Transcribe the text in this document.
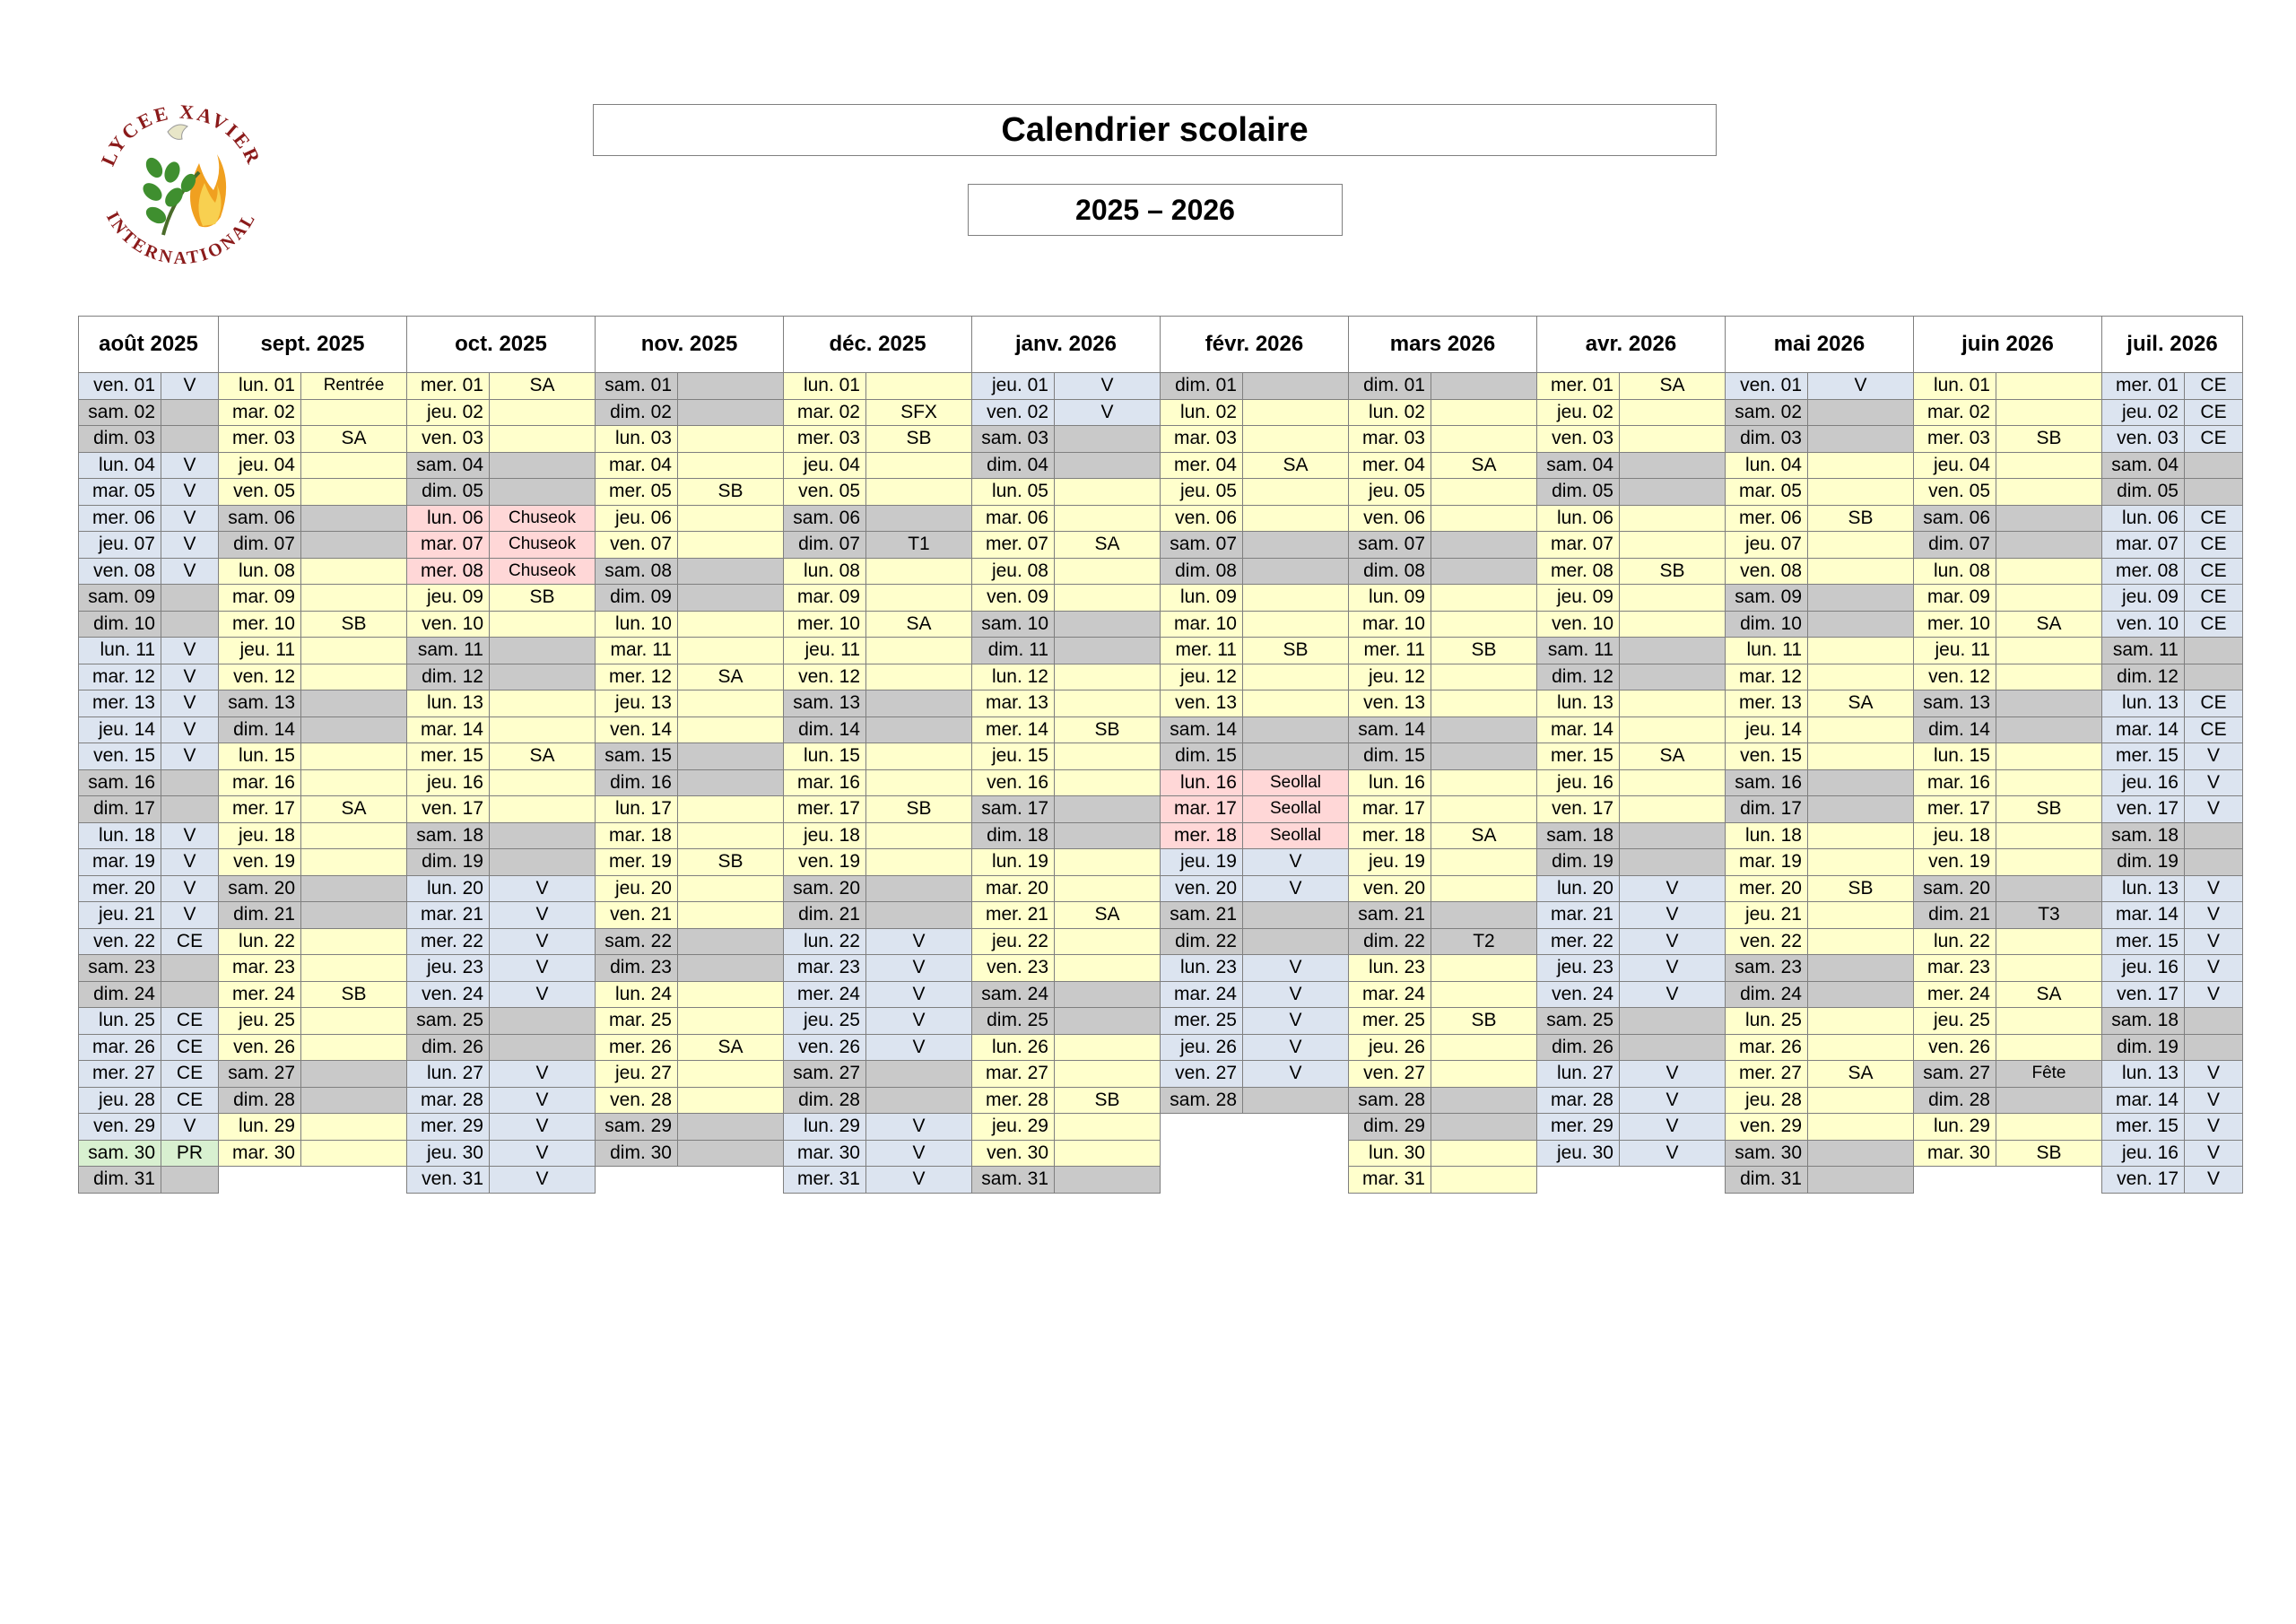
LYCEE XAVIER
INTERNATIONAL
Calendrier scolaire
2025 – 2026
août 2025
ven. 01	V
sam. 02
dim. 03
lun. 04	V
mar. 05	V
mer. 06	V
jeu. 07	V
ven. 08	V
sam. 09
dim. 10
lun. 11	V
mar. 12	V
mer. 13	V
jeu. 14	V
ven. 15	V
sam. 16
dim. 17
lun. 18	V
mar. 19	V
mer. 20	V
jeu. 21	V
ven. 22	CE
sam. 23
dim. 24
lun. 25	CE
mar. 26	CE
mer. 27	CE
jeu. 28	CE
ven. 29	V
sam. 30	PR
dim. 31
sept. 2025
lun. 01	Rentrée
mar. 02
mer. 03	SA
jeu. 04
ven. 05
sam. 06
dim. 07
lun. 08
mar. 09
mer. 10	SB
jeu. 11
ven. 12
sam. 13
dim. 14
lun. 15
mar. 16
mer. 17	SA
jeu. 18
ven. 19
sam. 20
dim. 21
lun. 22
mar. 23
mer. 24	SB
jeu. 25
ven. 26
sam. 27
dim. 28
lun. 29
mar. 30
oct. 2025
mer. 01	SA
jeu. 02
ven. 03
sam. 04
dim. 05
lun. 06	Chuseok
mar. 07	Chuseok
mer. 08	Chuseok
jeu. 09	SB
ven. 10
sam. 11
dim. 12
lun. 13
mar. 14
mer. 15	SA
jeu. 16
ven. 17
sam. 18
dim. 19
lun. 20	V
mar. 21	V
mer. 22	V
jeu. 23	V
ven. 24	V
sam. 25
dim. 26
lun. 27	V
mar. 28	V
mer. 29	V
jeu. 30	V
ven. 31	V
nov. 2025
sam. 01
dim. 02
lun. 03
mar. 04
mer. 05	SB
jeu. 06
ven. 07
sam. 08
dim. 09
lun. 10
mar. 11
mer. 12	SA
jeu. 13
ven. 14
sam. 15
dim. 16
lun. 17
mar. 18
mer. 19	SB
jeu. 20
ven. 21
sam. 22
dim. 23
lun. 24
mar. 25
mer. 26	SA
jeu. 27
ven. 28
sam. 29
dim. 30
déc. 2025
lun. 01
mar. 02	SFX
mer. 03	SB
jeu. 04
ven. 05
sam. 06
dim. 07	T1
lun. 08
mar. 09
mer. 10	SA
jeu. 11
ven. 12
sam. 13
dim. 14
lun. 15
mar. 16
mer. 17	SB
jeu. 18
ven. 19
sam. 20
dim. 21
lun. 22	V
mar. 23	V
mer. 24	V
jeu. 25	V
ven. 26	V
sam. 27
dim. 28
lun. 29	V
mar. 30	V
mer. 31	V
janv. 2026
jeu. 01	V
ven. 02	V
sam. 03
dim. 04
lun. 05
mar. 06
mer. 07	SA
jeu. 08
ven. 09
sam. 10
dim. 11
lun. 12
mar. 13
mer. 14	SB
jeu. 15
ven. 16
sam. 17
dim. 18
lun. 19
mar. 20
mer. 21	SA
jeu. 22
ven. 23
sam. 24
dim. 25
lun. 26
mar. 27
mer. 28	SB
jeu. 29
ven. 30
sam. 31
févr. 2026
dim. 01
lun. 02
mar. 03
mer. 04	SA
jeu. 05
ven. 06
sam. 07
dim. 08
lun. 09
mar. 10
mer. 11	SB
jeu. 12
ven. 13
sam. 14
dim. 15
lun. 16	Seollal
mar. 17	Seollal
mer. 18	Seollal
jeu. 19	V
ven. 20	V
sam. 21
dim. 22
lun. 23	V
mar. 24	V
mer. 25	V
jeu. 26	V
ven. 27	V
sam. 28
mars 2026
dim. 01
lun. 02
mar. 03
mer. 04	SA
jeu. 05
ven. 06
sam. 07
dim. 08
lun. 09
mar. 10
mer. 11	SB
jeu. 12
ven. 13
sam. 14
dim. 15
lun. 16
mar. 17
mer. 18	SA
jeu. 19
ven. 20
sam. 21
dim. 22	T2
lun. 23
mar. 24
mer. 25	SB
jeu. 26
ven. 27
sam. 28
dim. 29
lun. 30
mar. 31
avr. 2026
mer. 01	SA
jeu. 02
ven. 03
sam. 04
dim. 05
lun. 06
mar. 07
mer. 08	SB
jeu. 09
ven. 10
sam. 11
dim. 12
lun. 13
mar. 14
mer. 15	SA
jeu. 16
ven. 17
sam. 18
dim. 19
lun. 20	V
mar. 21	V
mer. 22	V
jeu. 23	V
ven. 24	V
sam. 25
dim. 26
lun. 27	V
mar. 28	V
mer. 29	V
jeu. 30	V
mai 2026
ven. 01	V
sam. 02
dim. 03
lun. 04
mar. 05
mer. 06	SB
jeu. 07
ven. 08
sam. 09
dim. 10
lun. 11
mar. 12
mer. 13	SA
jeu. 14
ven. 15
sam. 16
dim. 17
lun. 18
mar. 19
mer. 20	SB
jeu. 21
ven. 22
sam. 23
dim. 24
lun. 25
mar. 26
mer. 27	SA
jeu. 28
ven. 29
sam. 30
dim. 31
juin 2026
lun. 01
mar. 02
mer. 03	SB
jeu. 04
ven. 05
sam. 06
dim. 07
lun. 08
mar. 09
mer. 10	SA
jeu. 11
ven. 12
sam. 13
dim. 14
lun. 15
mar. 16
mer. 17	SB
jeu. 18
ven. 19
sam. 20
dim. 21	T3
lun. 22
mar. 23
mer. 24	SA
jeu. 25
ven. 26
sam. 27	Fête
dim. 28
lun. 29
mar. 30	SB
juil. 2026
mer. 01	CE
jeu. 02	CE
ven. 03	CE
sam. 04
dim. 05
lun. 06	CE
mar. 07	CE
mer. 08	CE
jeu. 09	CE
ven. 10	CE
sam. 11
dim. 12
lun. 13	CE
mar. 14	CE
mer. 15	V
jeu. 16	V
ven. 17	V
sam. 18
dim. 19
lun. 13	V
mar. 14	V
mer. 15	V
jeu. 16	V
ven. 17	V
sam. 18
dim. 19
lun. 13	V
mar. 14	V
mer. 15	V
jeu. 16	V
ven. 17	V
